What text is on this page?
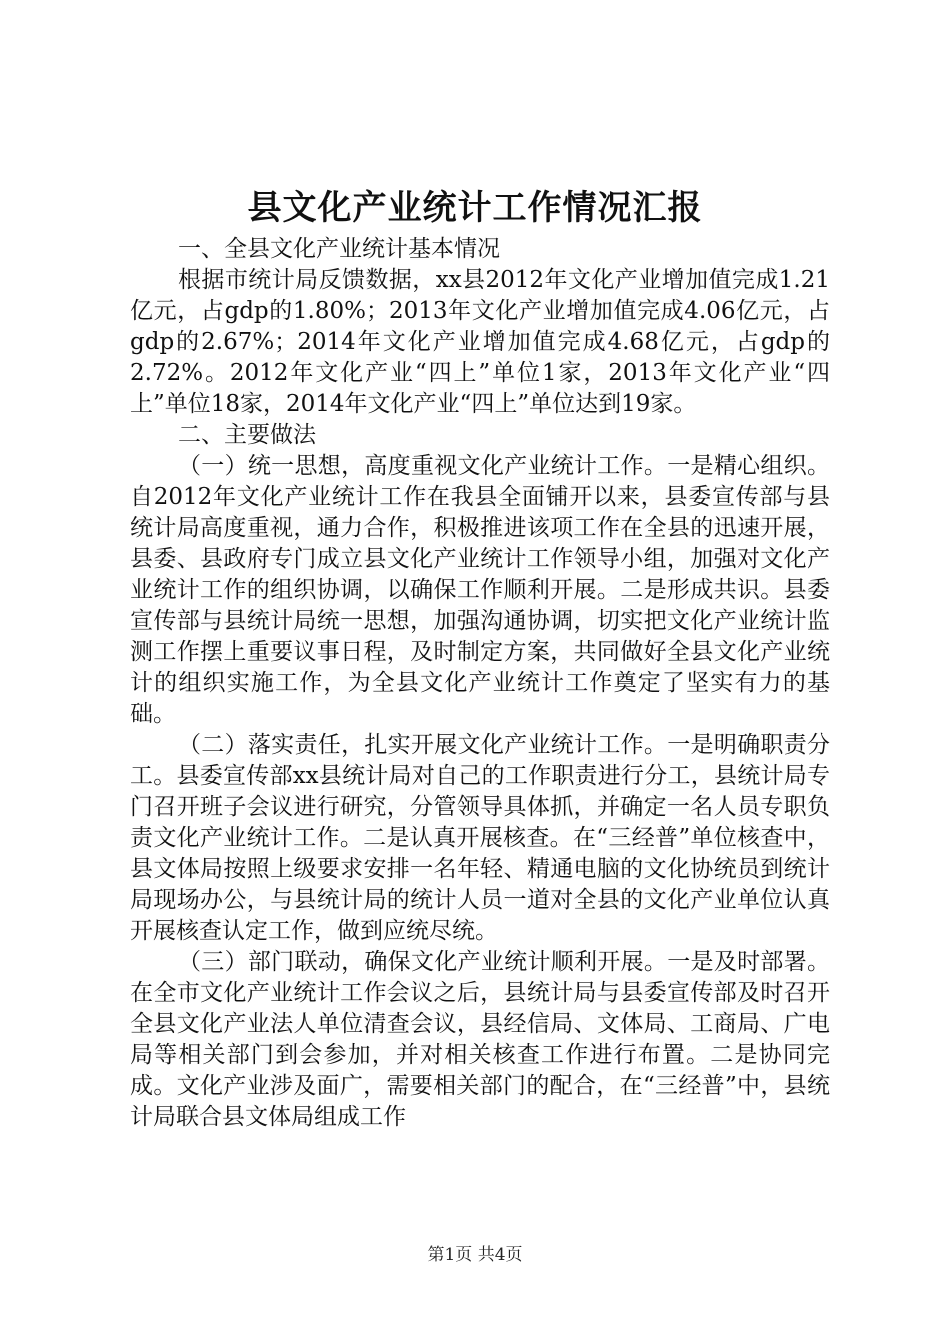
县文化产业统计工作情况汇报

一、全县文化产业统计基本情况

根据市统计局反馈数据，xx县2012年文化产业增加值完成1.21亿元，占gdp的1.80%；2013年文化产业增加值完成4.06亿元，占gdp的2.67%；2014年文化产业增加值完成4.68亿元，占gdp的2.72%。2012年文化产业“四上”单位1家，2013年文化产业“四上”单位18家，2014年文化产业“四上”单位达到19家。

二、主要做法

（一）统一思想，高度重视文化产业统计工作。一是精心组织。自2012年文化产业统计工作在我县全面铺开以来，县委宣传部与县统计局高度重视，通力合作，积极推进该项工作在全县的迅速开展，县委、县政府专门成立县文化产业统计工作领导小组，加强对文化产业统计工作的组织协调，以确保工作顺利开展。二是形成共识。县委宣传部与县统计局统一思想，加强沟通协调，切实把文化产业统计监测工作摆上重要议事日程，及时制定方案，共同做好全县文化产业统计的组织实施工作，为全县文化产业统计工作奠定了坚实有力的基础。

（二）落实责任，扎实开展文化产业统计工作。一是明确职责分工。县委宣传部xx县统计局对自己的工作职责进行分工，县统计局专门召开班子会议进行研究，分管领导具体抓，并确定一名人员专职负责文化产业统计工作。二是认真开展核查。在“三经普”单位核查中，县文体局按照上级要求安排一名年轻、精通电脑的文化协统员到统计局现场办公，与县统计局的统计人员一道对全县的文化产业单位认真开展核查认定工作，做到应统尽统。

（三）部门联动，确保文化产业统计顺利开展。一是及时部署。在全市文化产业统计工作会议之后，县统计局与县委宣传部及时召开全县文化产业法人单位清查会议，县经信局、文体局、工商局、广电局等相关部门到会参加，并对相关核查工作进行布置。二是协同完成。文化产业涉及面广，需要相关部门的配合，在“三经普”中，县统计局联合县文体局组成工作

第1页 共4页
